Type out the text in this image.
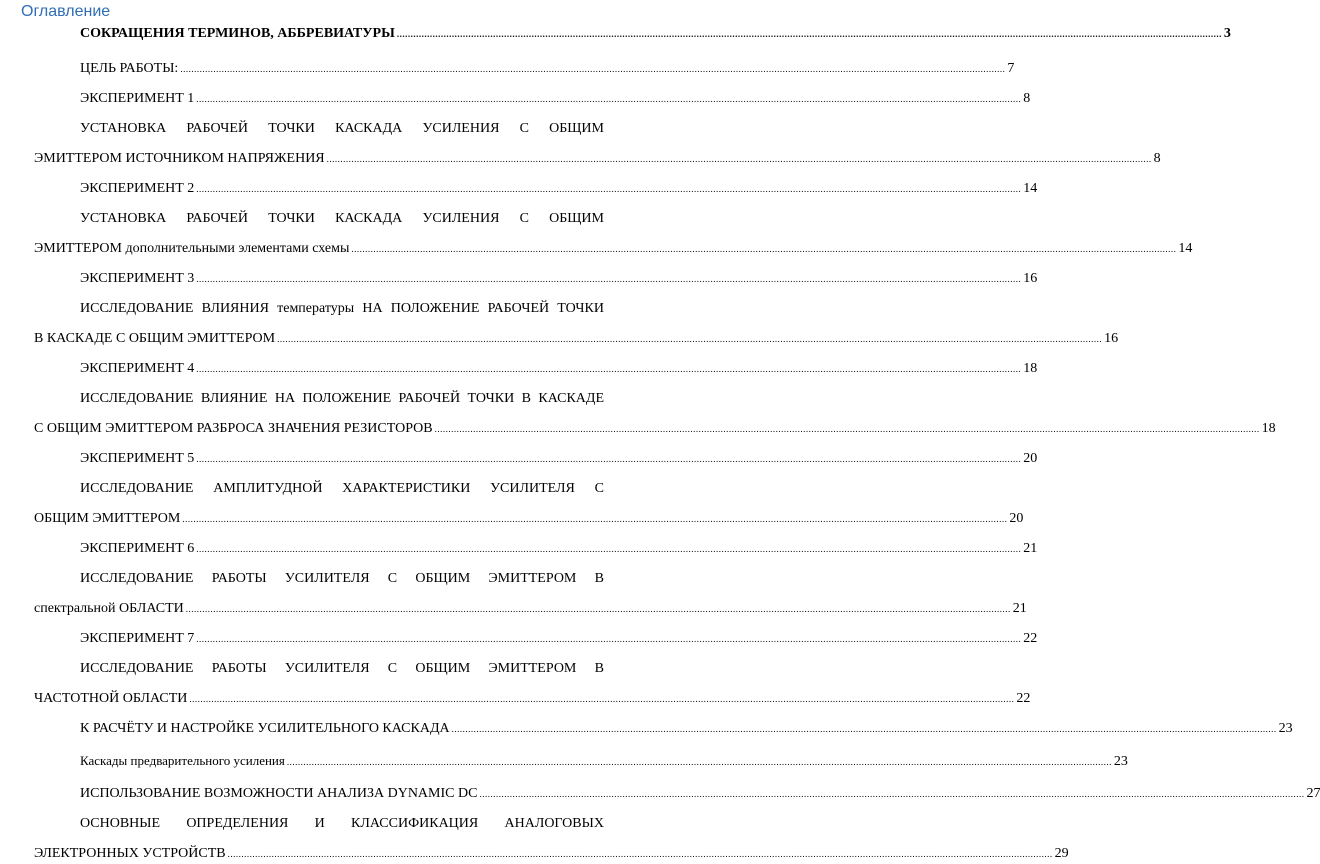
Оглавление
СОКРАЩЕНИЯ ТЕРМИНОВ, АББРЕВИАТУРЫ ............................................................................................................................................................................................................................................................................................................ 3
ЦЕЛЬ РАБОТЫ: ............................................................................................................................................................................................................................................................................................................ 7
ЭКСПЕРИМЕНТ 1 ............................................................................................................................................................................................................................................................................................................ 8
УСТАНОВКА РАБОЧЕЙ ТОЧКИ КАСКАДА УСИЛЕНИЯ С ОБЩИМ
ЭМИТТЕРОМ ИСТОЧНИКОМ НАПРЯЖЕНИЯ ............................................................................................................................................................................................................................................................................................................ 8
ЭКСПЕРИМЕНТ 2 ............................................................................................................................................................................................................................................................................................................ 14
УСТАНОВКА РАБОЧЕЙ ТОЧКИ КАСКАДА УСИЛЕНИЯ С ОБЩИМ
ЭМИТТЕРОМ дополнительными элементами схемы ............................................................................................................................................................................................................................................................................................................ 14
ЭКСПЕРИМЕНТ 3 ............................................................................................................................................................................................................................................................................................................ 16
ИССЛЕДОВАНИЕ ВЛИЯНИЯ температуры НА ПОЛОЖЕНИЕ РАБОЧЕЙ ТОЧКИ
В КАСКАДЕ С ОБЩИМ ЭМИТТЕРОМ ............................................................................................................................................................................................................................................................................................................ 16
ЭКСПЕРИМЕНТ 4 ............................................................................................................................................................................................................................................................................................................ 18
ИССЛЕДОВАНИЕ ВЛИЯНИЕ НА ПОЛОЖЕНИЕ РАБОЧЕЙ ТОЧКИ В КАСКАДЕ
С ОБЩИМ ЭМИТТЕРОМ РАЗБРОСА ЗНАЧЕНИЯ РЕЗИСТОРОВ ............................................................................................................................................................................................................................................................................................................ 18
ЭКСПЕРИМЕНТ 5 ............................................................................................................................................................................................................................................................................................................ 20
ИССЛЕДОВАНИЕ АМПЛИТУДНОЙ ХАРАКТЕРИСТИКИ УСИЛИТЕЛЯ С
ОБЩИМ ЭМИТТЕРОМ ............................................................................................................................................................................................................................................................................................................ 20
ЭКСПЕРИМЕНТ 6 ............................................................................................................................................................................................................................................................................................................ 21
ИССЛЕДОВАНИЕ РАБОТЫ УСИЛИТЕЛЯ С ОБЩИМ ЭМИТТЕРОМ В
спектральной ОБЛАСТИ ............................................................................................................................................................................................................................................................................................................ 21
ЭКСПЕРИМЕНТ 7 ............................................................................................................................................................................................................................................................................................................ 22
ИССЛЕДОВАНИЕ РАБОТЫ УСИЛИТЕЛЯ С ОБЩИМ ЭМИТТЕРОМ В
ЧАСТОТНОЙ ОБЛАСТИ ............................................................................................................................................................................................................................................................................................................ 22
К РАСЧЁТУ И НАСТРОЙКЕ УСИЛИТЕЛЬНОГО КАСКАДА ............................................................................................................................................................................................................................................................................................................ 23
Каскады предварительного усиления ............................................................................................................................................................................................................................................................................................................ 23
ИСПОЛЬЗОВАНИЕ ВОЗМОЖНОСТИ АНАЛИЗА DYNAMIC DC ............................................................................................................................................................................................................................................................................................................ 27
ОСНОВНЫЕ ОПРЕДЕЛЕНИЯ И КЛАССИФИКАЦИЯ АНАЛОГОВЫХ
ЭЛЕКТРОННЫХ УСТРОЙСТВ ............................................................................................................................................................................................................................................................................................................ 29
